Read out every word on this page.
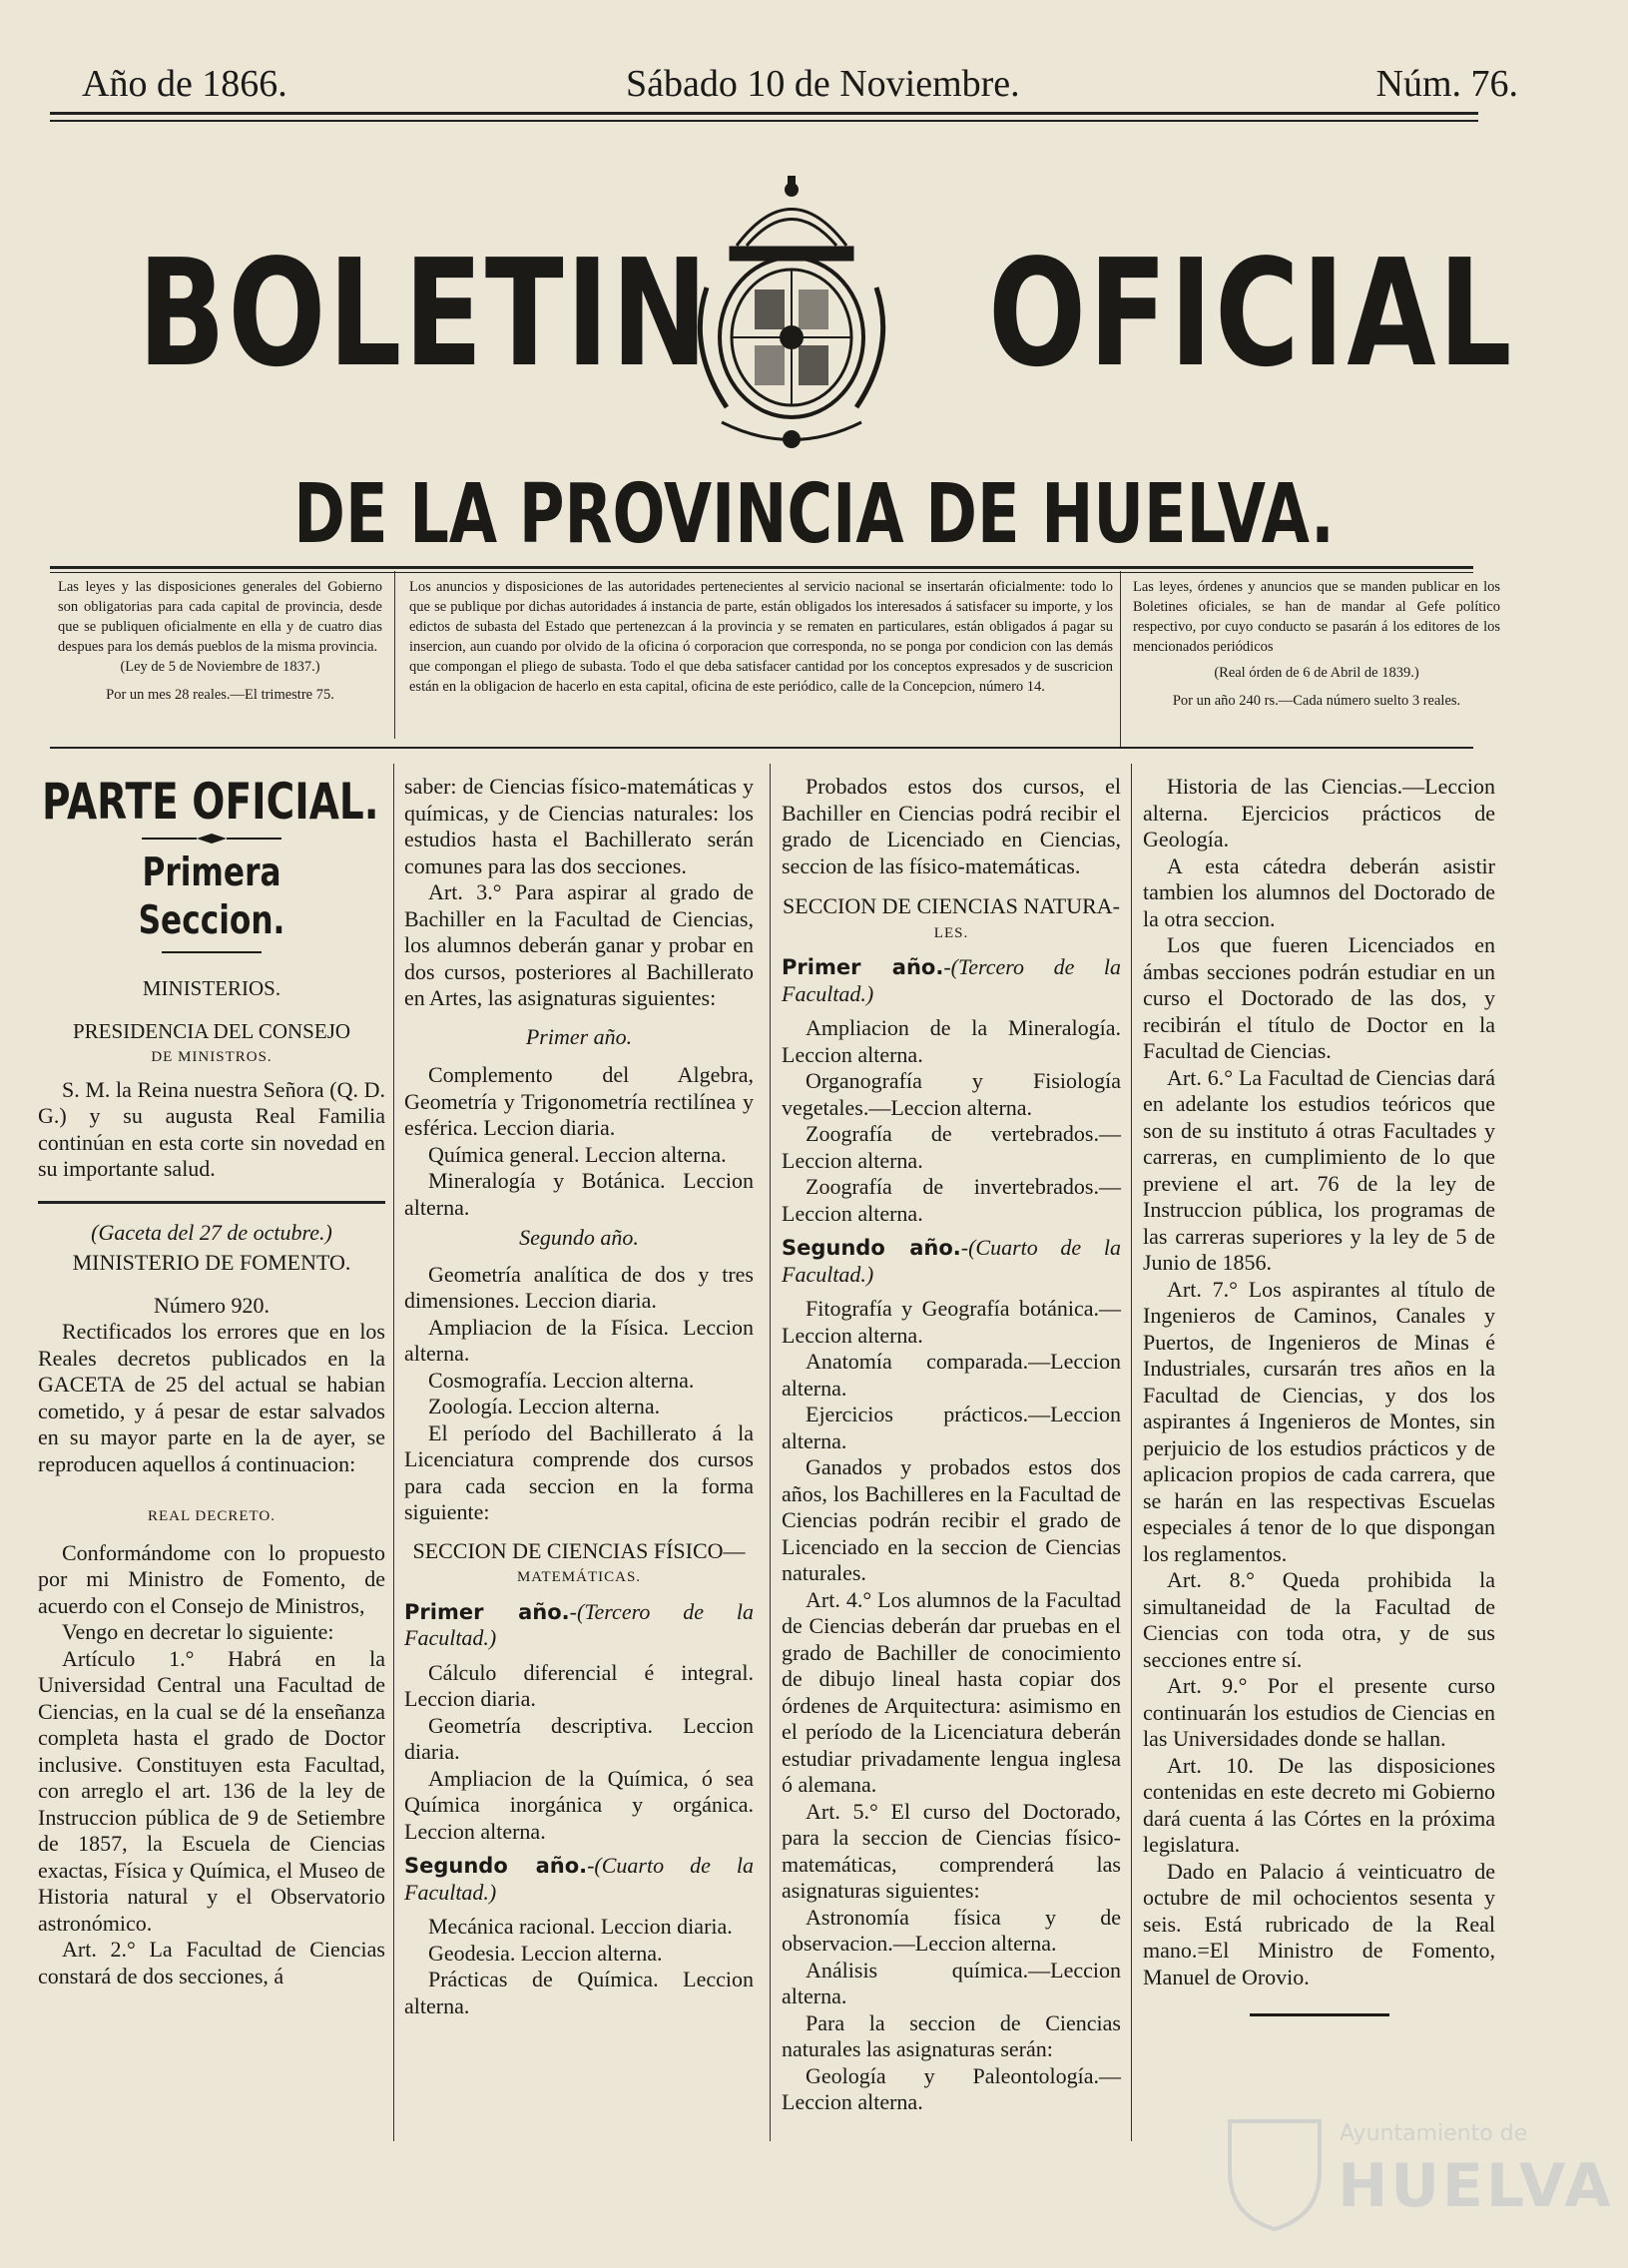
Año de 1866.	Sábado 10 de Noviembre.	Núm. 76.
BOLETIN OFICIAL
DE LA PROVINCIA DE HUELVA.

Las leyes y las disposiciones generales del Gobierno son obligatorias para cada capital de provincia, desde que se publiquen oficialmente en ella y de cuatro dias despues para los demás pueblos de la misma provincia.

(Ley de 5 de Noviembre de 1837.)

Por un mes 28 reales.—El trimestre 75.

Los anuncios y disposiciones de las autoridades pertenecientes al servicio nacional se insertarán oficialmente: todo lo que se publique por dichas autoridades á instancia de parte, están obligados los interesados á satisfacer su importe, y los edictos de subasta del Estado que pertenezcan á la provincia y se rematen en particulares, están obligados á pagar su insercion, aun cuando por olvido de la oficina ó corporacion que corresponda, no se ponga por condicion con las demás que compongan el pliego de subasta. Todo el que deba satisfacer cantidad por los conceptos expresados y de suscricion están en la obligacion de hacerlo en esta capital, oficina de este periódico, calle de la Concepcion, número 14.

Las leyes, órdenes y anuncios que se manden publicar en los Boletines oficiales, se han de mandar al Gefe político respectivo, por cuyo conducto se pasarán á los editores de los mencionados periódicos

(Real órden de 6 de Abril de 1839.)

Por un año 240 rs.—Cada número suelto 3 reales.

PARTE OFICIAL.
Primera Seccion.

MINISTERIOS.

PRESIDENCIA DEL CONSEJO

DE MINISTROS.

S. M. la Reina nuestra Señora (Q. D. G.) y su augusta Real Familia continúan en esta corte sin novedad en su importante salud.

(Gaceta del 27 de octubre.)

MINISTERIO DE FOMENTO.

Número 920.

Rectificados los errores que en los Reales decretos publicados en la GACETA de 25 del actual se habian cometido, y á pesar de estar salvados en su mayor parte en la de ayer, se reproducen aquellos á continuacion:

REAL DECRETO.

Conformándome con lo propuesto por mi Ministro de Fomento, de acuerdo con el Consejo de Ministros,

Vengo en decretar lo siguiente:

Artículo 1.° Habrá en la Universidad Central una Facultad de Ciencias, en la cual se dé la enseñanza completa hasta el grado de Doctor inclusive. Constituyen esta Facultad, con arreglo el art. 136 de la ley de Instruccion pública de 9 de Setiembre de 1857, la Escuela de Ciencias exactas, Física y Química, el Museo de Historia natural y el Observatorio astronómico.

Art. 2.° La Facultad de Ciencias constará de dos secciones, á

saber: de Ciencias físico-matemáticas y químicas, y de Ciencias naturales: los estudios hasta el Bachillerato serán comunes para las dos secciones.

Art. 3.° Para aspirar al grado de Bachiller en la Facultad de Ciencias, los alumnos deberán ganar y probar en dos cursos, posteriores al Bachillerato en Artes, las asignaturas siguientes:

Primer año.

Complemento del Algebra, Geometría y Trigonometría rectilínea y esférica. Leccion diaria.

Química general. Leccion alterna.

Mineralogía y Botánica. Leccion alterna.

Segundo año.

Geometría analítica de dos y tres dimensiones. Leccion diaria.

Ampliacion de la Física. Leccion alterna.

Cosmografía. Leccion alterna.

Zoología. Leccion alterna.

El período del Bachillerato á la Licenciatura comprende dos cursos para cada seccion en la forma siguiente:

SECCION DE CIENCIAS FÍSICO—

MATEMÁTICAS.

Primer año.-(Tercero de la Facultad.)

Cálculo diferencial é integral. Leccion diaria.

Geometría descriptiva. Leccion diaria.

Ampliacion de la Química, ó sea Química inorgánica y orgánica. Leccion alterna.

Segundo año.-(Cuarto de la Facultad.)

Mecánica racional. Leccion diaria.

Geodesia. Leccion alterna.

Prácticas de Química. Leccion alterna.

Probados estos dos cursos, el Bachiller en Ciencias podrá recibir el grado de Licenciado en Ciencias, seccion de las físico-matemáticas.

SECCION DE CIENCIAS NATURA-

LES.

Primer año.-(Tercero de la Facultad.)

Ampliacion de la Mineralogía. Leccion alterna.

Organografía y Fisiología vegetales.—Leccion alterna.

Zoografía de vertebrados.—Leccion alterna.

Zoografía de invertebrados.—Leccion alterna.

Segundo año.-(Cuarto de la Facultad.)

Fitografía y Geografía botánica.—Leccion alterna.

Anatomía comparada.—Leccion alterna.

Ejercicios prácticos.—Leccion alterna.

Ganados y probados estos dos años, los Bachilleres en la Facultad de Ciencias podrán recibir el grado de Licenciado en la seccion de Ciencias naturales.

Art. 4.° Los alumnos de la Facultad de Ciencias deberán dar pruebas en el grado de Bachiller de conocimiento de dibujo lineal hasta copiar dos órdenes de Arquitectura: asimismo en el período de la Licenciatura deberán estudiar privadamente lengua inglesa ó alemana.

Art. 5.° El curso del Doctorado, para la seccion de Ciencias físico-matemáticas, comprenderá las asignaturas siguientes:

Astronomía física y de observacion.—Leccion alterna.

Análisis química.—Leccion alterna.

Para la seccion de Ciencias naturales las asignaturas serán:

Geología y Paleontología.—Leccion alterna.

Historia de las Ciencias.—Leccion alterna. Ejercicios prácticos de Geología.

A esta cátedra deberán asistir tambien los alumnos del Doctorado de la otra seccion.

Los que fueren Licenciados en ámbas secciones podrán estudiar en un curso el Doctorado de las dos, y recibirán el título de Doctor en la Facultad de Ciencias.

Art. 6.° La Facultad de Ciencias dará en adelante los estudios teóricos que son de su instituto á otras Facultades y carreras, en cumplimiento de lo que previene el art. 76 de la ley de Instruccion pública, los programas de las carreras superiores y la ley de 5 de Junio de 1856.

Art. 7.° Los aspirantes al título de Ingenieros de Caminos, Canales y Puertos, de Ingenieros de Minas é Industriales, cursarán tres años en la Facultad de Ciencias, y dos los aspirantes á Ingenieros de Montes, sin perjuicio de los estudios prácticos y de aplicacion propios de cada carrera, que se harán en las respectivas Escuelas especiales á tenor de lo que dispongan los reglamentos.

Art. 8.° Queda prohibida la simultaneidad de la Facultad de Ciencias con toda otra, y de sus secciones entre sí.

Art. 9.° Por el presente curso continuarán los estudios de Ciencias en las Universidades donde se hallan.

Art. 10. De las disposiciones contenidas en este decreto mi Gobierno dará cuenta á las Córtes en la próxima legislatura.

Dado en Palacio á veinticuatro de octubre de mil ochocientos sesenta y seis. Está rubricado de la Real mano.=El Ministro de Fomento, Manuel de Orovio.

Ayuntamiento de
HUELVA
